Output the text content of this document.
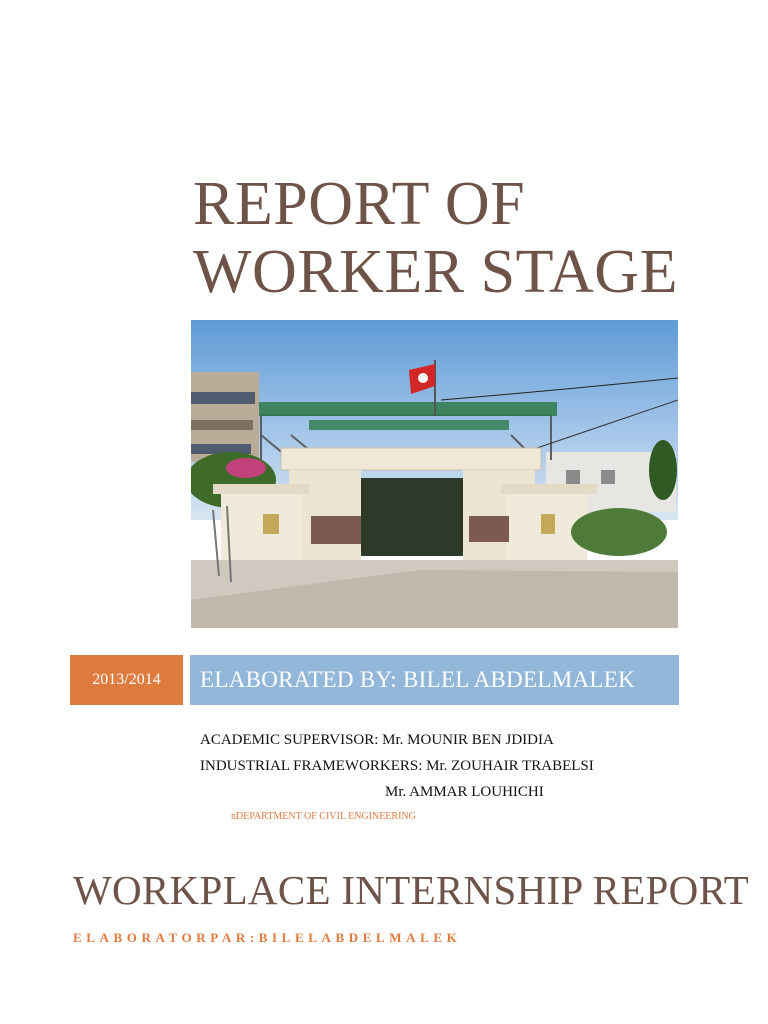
REPORT OF
WORKER STAGE
2013/2014	ELABORATED BY: BILEL ABDELMALEK
ACADEMIC SUPERVISOR: Mr. MOUNIR BEN JDIDIA
INDUSTRIAL FRAMEWORKERS: Mr. ZOUHAIR TRABELSI
Mr. AMMAR LOUHICHI
nDEPARTMENT OF CIVIL ENGINEERING
WORKPLACE INTERNSHIP REPORT
ELABORATORPAR:BILELABDELMALEK
